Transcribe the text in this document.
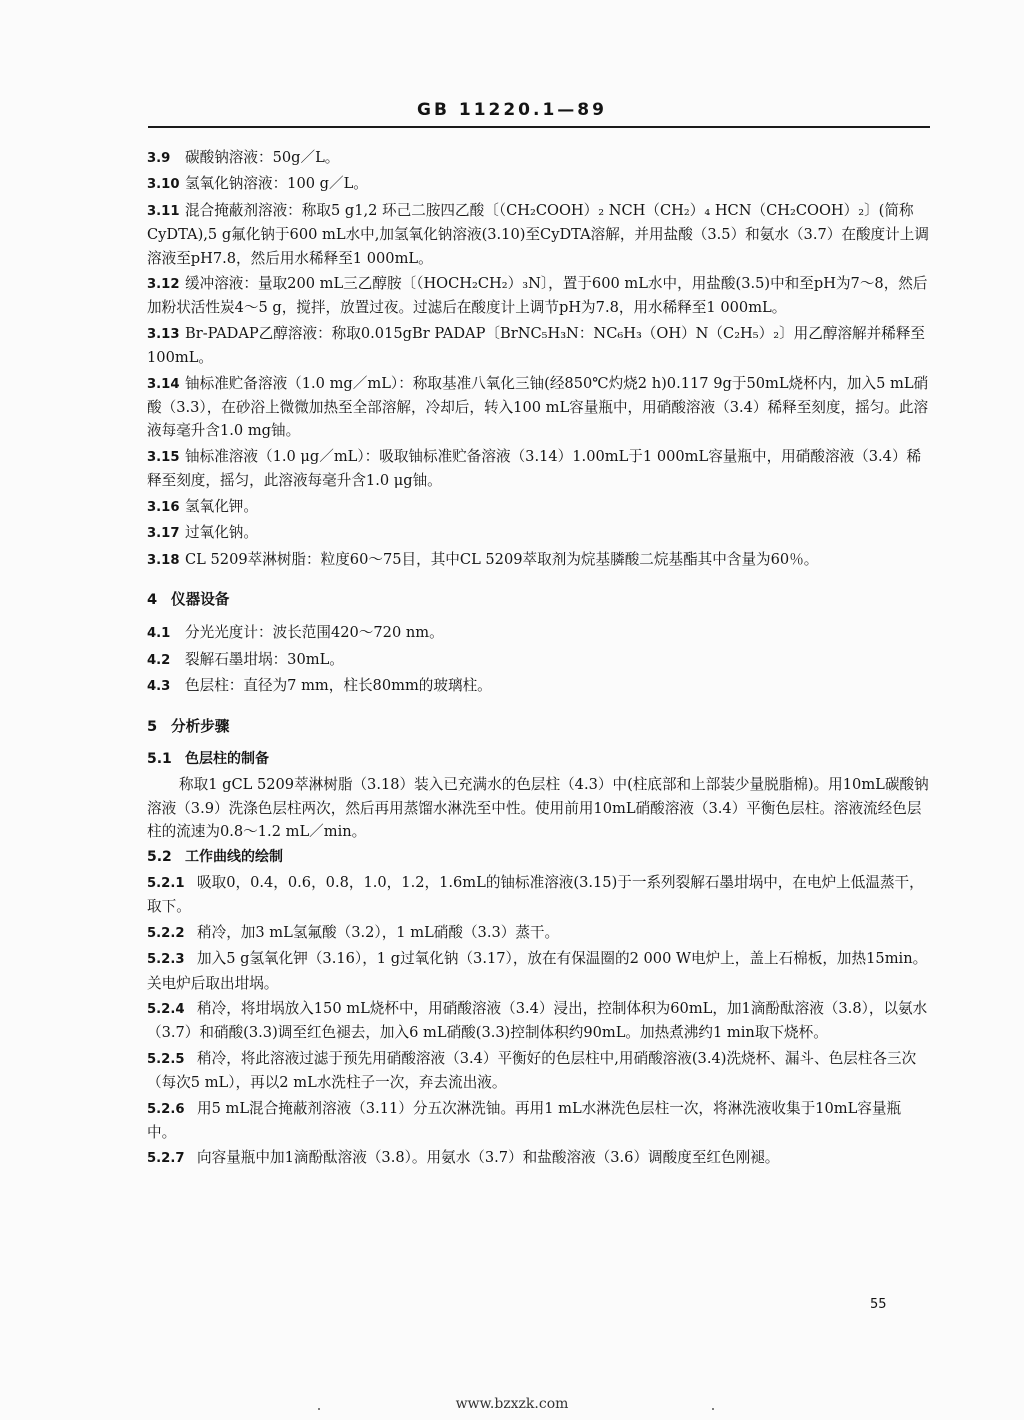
GB 11220.1—89

3.9 碳酸钠溶液：50g／L。

3.10 氢氧化钠溶液：100 g／L。

3.11 混合掩蔽剂溶液：称取5 g1,2 环己二胺四乙酸〔（CH₂COOH）₂ NCH（CH₂）₄ HCN（CH₂COOH）₂〕(简称CyDTA),5 g氟化钠于600 mL水中,加氢氧化钠溶液(3.10)至CyDTA溶解，并用盐酸（3.5）和氨水（3.7）在酸度计上调溶液至pH7.8，然后用水稀释至1 000mL。

3.12 缓冲溶液：量取200 mL三乙醇胺〔（HOCH₂CH₂）₃N〕，置于600 mL水中，用盐酸(3.5)中和至pH为7～8，然后加粉状活性炭4～5 g，搅拌，放置过夜。过滤后在酸度计上调节pH为7.8，用水稀释至1 000mL。

3.13 Br-PADAP乙醇溶液：称取0.015gBr PADAP〔BrNC₅H₃N：NC₆H₃（OH）N（C₂H₅）₂〕用乙醇溶解并稀释至100mL。

3.14 铀标准贮备溶液（1.0 mg／mL）：称取基准八氧化三铀(经850℃灼烧2 h)0.117 9g于50mL烧杯内，加入5 mL硝酸（3.3），在砂浴上微微加热至全部溶解，冷却后，转入100 mL容量瓶中，用硝酸溶液（3.4）稀释至刻度，摇匀。此溶液每毫升含1.0 mg铀。

3.15 铀标准溶液（1.0 μg／mL）：吸取铀标准贮备溶液（3.14）1.00mL于1 000mL容量瓶中，用硝酸溶液（3.4）稀释至刻度，摇匀，此溶液每毫升含1.0 μg铀。

3.16 氢氧化钾。

3.17 过氧化钠。

3.18 CL 5209萃淋树脂：粒度60～75目，其中CL 5209萃取剂为烷基膦酸二烷基酯其中含量为60％。

4 仪器设备

4.1 分光光度计：波长范围420～720 nm。

4.2 裂解石墨坩埚：30mL。

4.3 色层柱：直径为7 mm，柱长80mm的玻璃柱。

5 分析步骤
5.1 色层柱的制备

称取1 gCL 5209萃淋树脂（3.18）装入已充满水的色层柱（4.3）中(柱底部和上部装少量脱脂棉)。用10mL碳酸钠溶液（3.9）洗涤色层柱两次，然后再用蒸馏水淋洗至中性。使用前用10mL硝酸溶液（3.4）平衡色层柱。溶液流经色层柱的流速为0.8～1.2 mL／min。

5.2 工作曲线的绘制

5.2.1 吸取0，0.4，0.6，0.8，1.0，1.2，1.6mL的铀标准溶液(3.15)于一系列裂解石墨坩埚中，在电炉上低温蒸干，取下。

5.2.2 稍冷，加3 mL氢氟酸（3.2），1 mL硝酸（3.3）蒸干。

5.2.3 加入5 g氢氧化钾（3.16），1 g过氧化钠（3.17），放在有保温圈的2 000 W电炉上，盖上石棉板，加热15min。关电炉后取出坩埚。

5.2.4 稍冷，将坩埚放入150 mL烧杯中，用硝酸溶液（3.4）浸出，控制体积为60mL，加1滴酚酞溶液（3.8），以氨水（3.7）和硝酸(3.3)调至红色褪去，加入6 mL硝酸(3.3)控制体积约90mL。加热煮沸约1 min取下烧杯。

5.2.5 稍冷，将此溶液过滤于预先用硝酸溶液（3.4）平衡好的色层柱中,用硝酸溶液(3.4)洗烧杯、漏斗、色层柱各三次（每次5 mL），再以2 mL水洗柱子一次，弃去流出液。

5.2.6 用5 mL混合掩蔽剂溶液（3.11）分五次淋洗铀。再用1 mL水淋洗色层柱一次，将淋洗液收集于10mL容量瓶中。

5.2.7 向容量瓶中加1滴酚酞溶液（3.8）。用氨水（3.7）和盐酸溶液（3.6）调酸度至红色刚褪。

55
www.bzxzk.com
